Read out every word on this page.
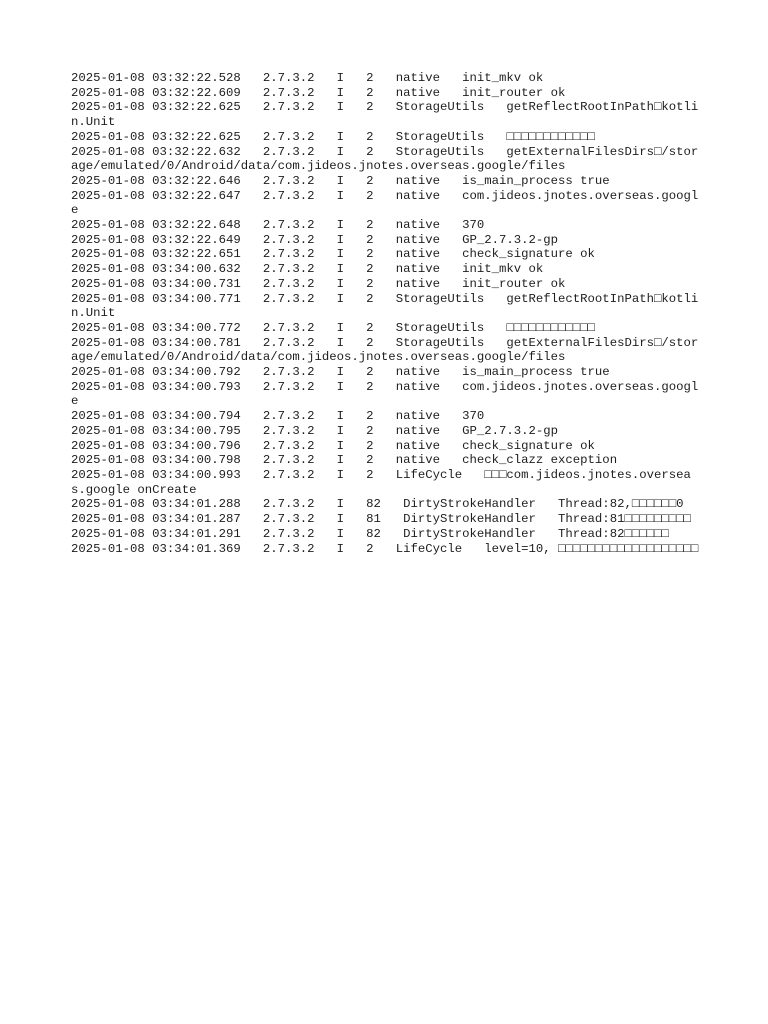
2025-01-08 03:32:22.528   2.7.3.2   I   2   native   init_mkv ok
2025-01-08 03:32:22.609   2.7.3.2   I   2   native   init_router ok
2025-01-08 03:32:22.625   2.7.3.2   I   2   StorageUtils   getReflectRootInPath□kotlin.Unit
2025-01-08 03:32:22.625   2.7.3.2   I   2   StorageUtils   □□□□□□□□□□□□
2025-01-08 03:32:22.632   2.7.3.2   I   2   StorageUtils   getExternalFilesDirs□/storage/emulated/0/Android/data/com.jideos.jnotes.overseas.google/files
2025-01-08 03:32:22.646   2.7.3.2   I   2   native   is_main_process true
2025-01-08 03:32:22.647   2.7.3.2   I   2   native   com.jideos.jnotes.overseas.google
2025-01-08 03:32:22.648   2.7.3.2   I   2   native   370
2025-01-08 03:32:22.649   2.7.3.2   I   2   native   GP_2.7.3.2-gp
2025-01-08 03:32:22.651   2.7.3.2   I   2   native   check_signature ok
2025-01-08 03:34:00.632   2.7.3.2   I   2   native   init_mkv ok
2025-01-08 03:34:00.731   2.7.3.2   I   2   native   init_router ok
2025-01-08 03:34:00.771   2.7.3.2   I   2   StorageUtils   getReflectRootInPath□kotlin.Unit
2025-01-08 03:34:00.772   2.7.3.2   I   2   StorageUtils   □□□□□□□□□□□□
2025-01-08 03:34:00.781   2.7.3.2   I   2   StorageUtils   getExternalFilesDirs□/storage/emulated/0/Android/data/com.jideos.jnotes.overseas.google/files
2025-01-08 03:34:00.792   2.7.3.2   I   2   native   is_main_process true
2025-01-08 03:34:00.793   2.7.3.2   I   2   native   com.jideos.jnotes.overseas.google
2025-01-08 03:34:00.794   2.7.3.2   I   2   native   370
2025-01-08 03:34:00.795   2.7.3.2   I   2   native   GP_2.7.3.2-gp
2025-01-08 03:34:00.796   2.7.3.2   I   2   native   check_signature ok
2025-01-08 03:34:00.798   2.7.3.2   I   2   native   check_clazz exception
2025-01-08 03:34:00.993   2.7.3.2   I   2   LifeCycle   □□□com.jideos.jnotes.overseas.google onCreate
2025-01-08 03:34:01.288   2.7.3.2   I   82   DirtyStrokeHandler   Thread:82,□□□□□□0
2025-01-08 03:34:01.287   2.7.3.2   I   81   DirtyStrokeHandler   Thread:81□□□□□□□□□
2025-01-08 03:34:01.291   2.7.3.2   I   82   DirtyStrokeHandler   Thread:82□□□□□□
2025-01-08 03:34:01.369   2.7.3.2   I   2   LifeCycle   level=10, □□□□□□□□□□□□□□□□□□□
